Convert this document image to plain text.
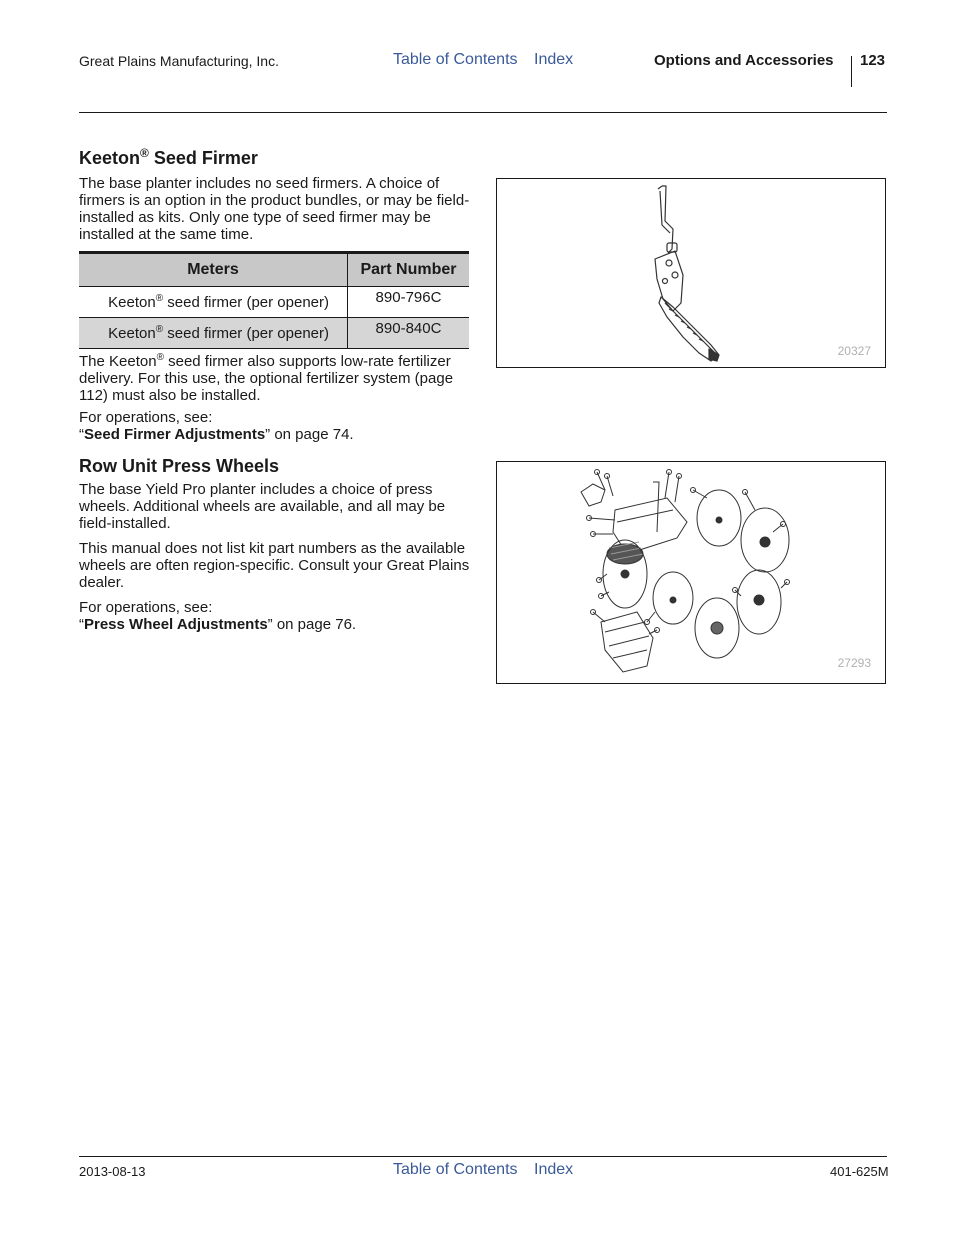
Great Plains Manufacturing, Inc.	Table of Contents Index	Options and Accessories 123
Keeton® Seed Firmer

The base planter includes no seed firmers. A choice of firmers is an option in the product bundles, or may be field-installed as kits. Only one type of seed firmer may be installed at the same time.

Meters	Part Number
Keeton® seed firmer (per opener)	890-796C
Keeton® seed firmer (per opener)	890-840C

The Keeton® seed firmer also supports low-rate fertilizer delivery. For this use, the optional fertilizer system (page 112) must also be installed.

For operations, see:

“Seed Firmer Adjustments” on page 74.

20327
Row Unit Press Wheels

The base Yield Pro planter includes a choice of press wheels. Additional wheels are available, and all may be field-installed.

This manual does not list kit part numbers as the available wheels are often region-specific. Consult your Great Plains dealer.

For operations, see:

“Press Wheel Adjustments” on page 76.

27293
2013-08-13	Table of Contents Index	401-625M
